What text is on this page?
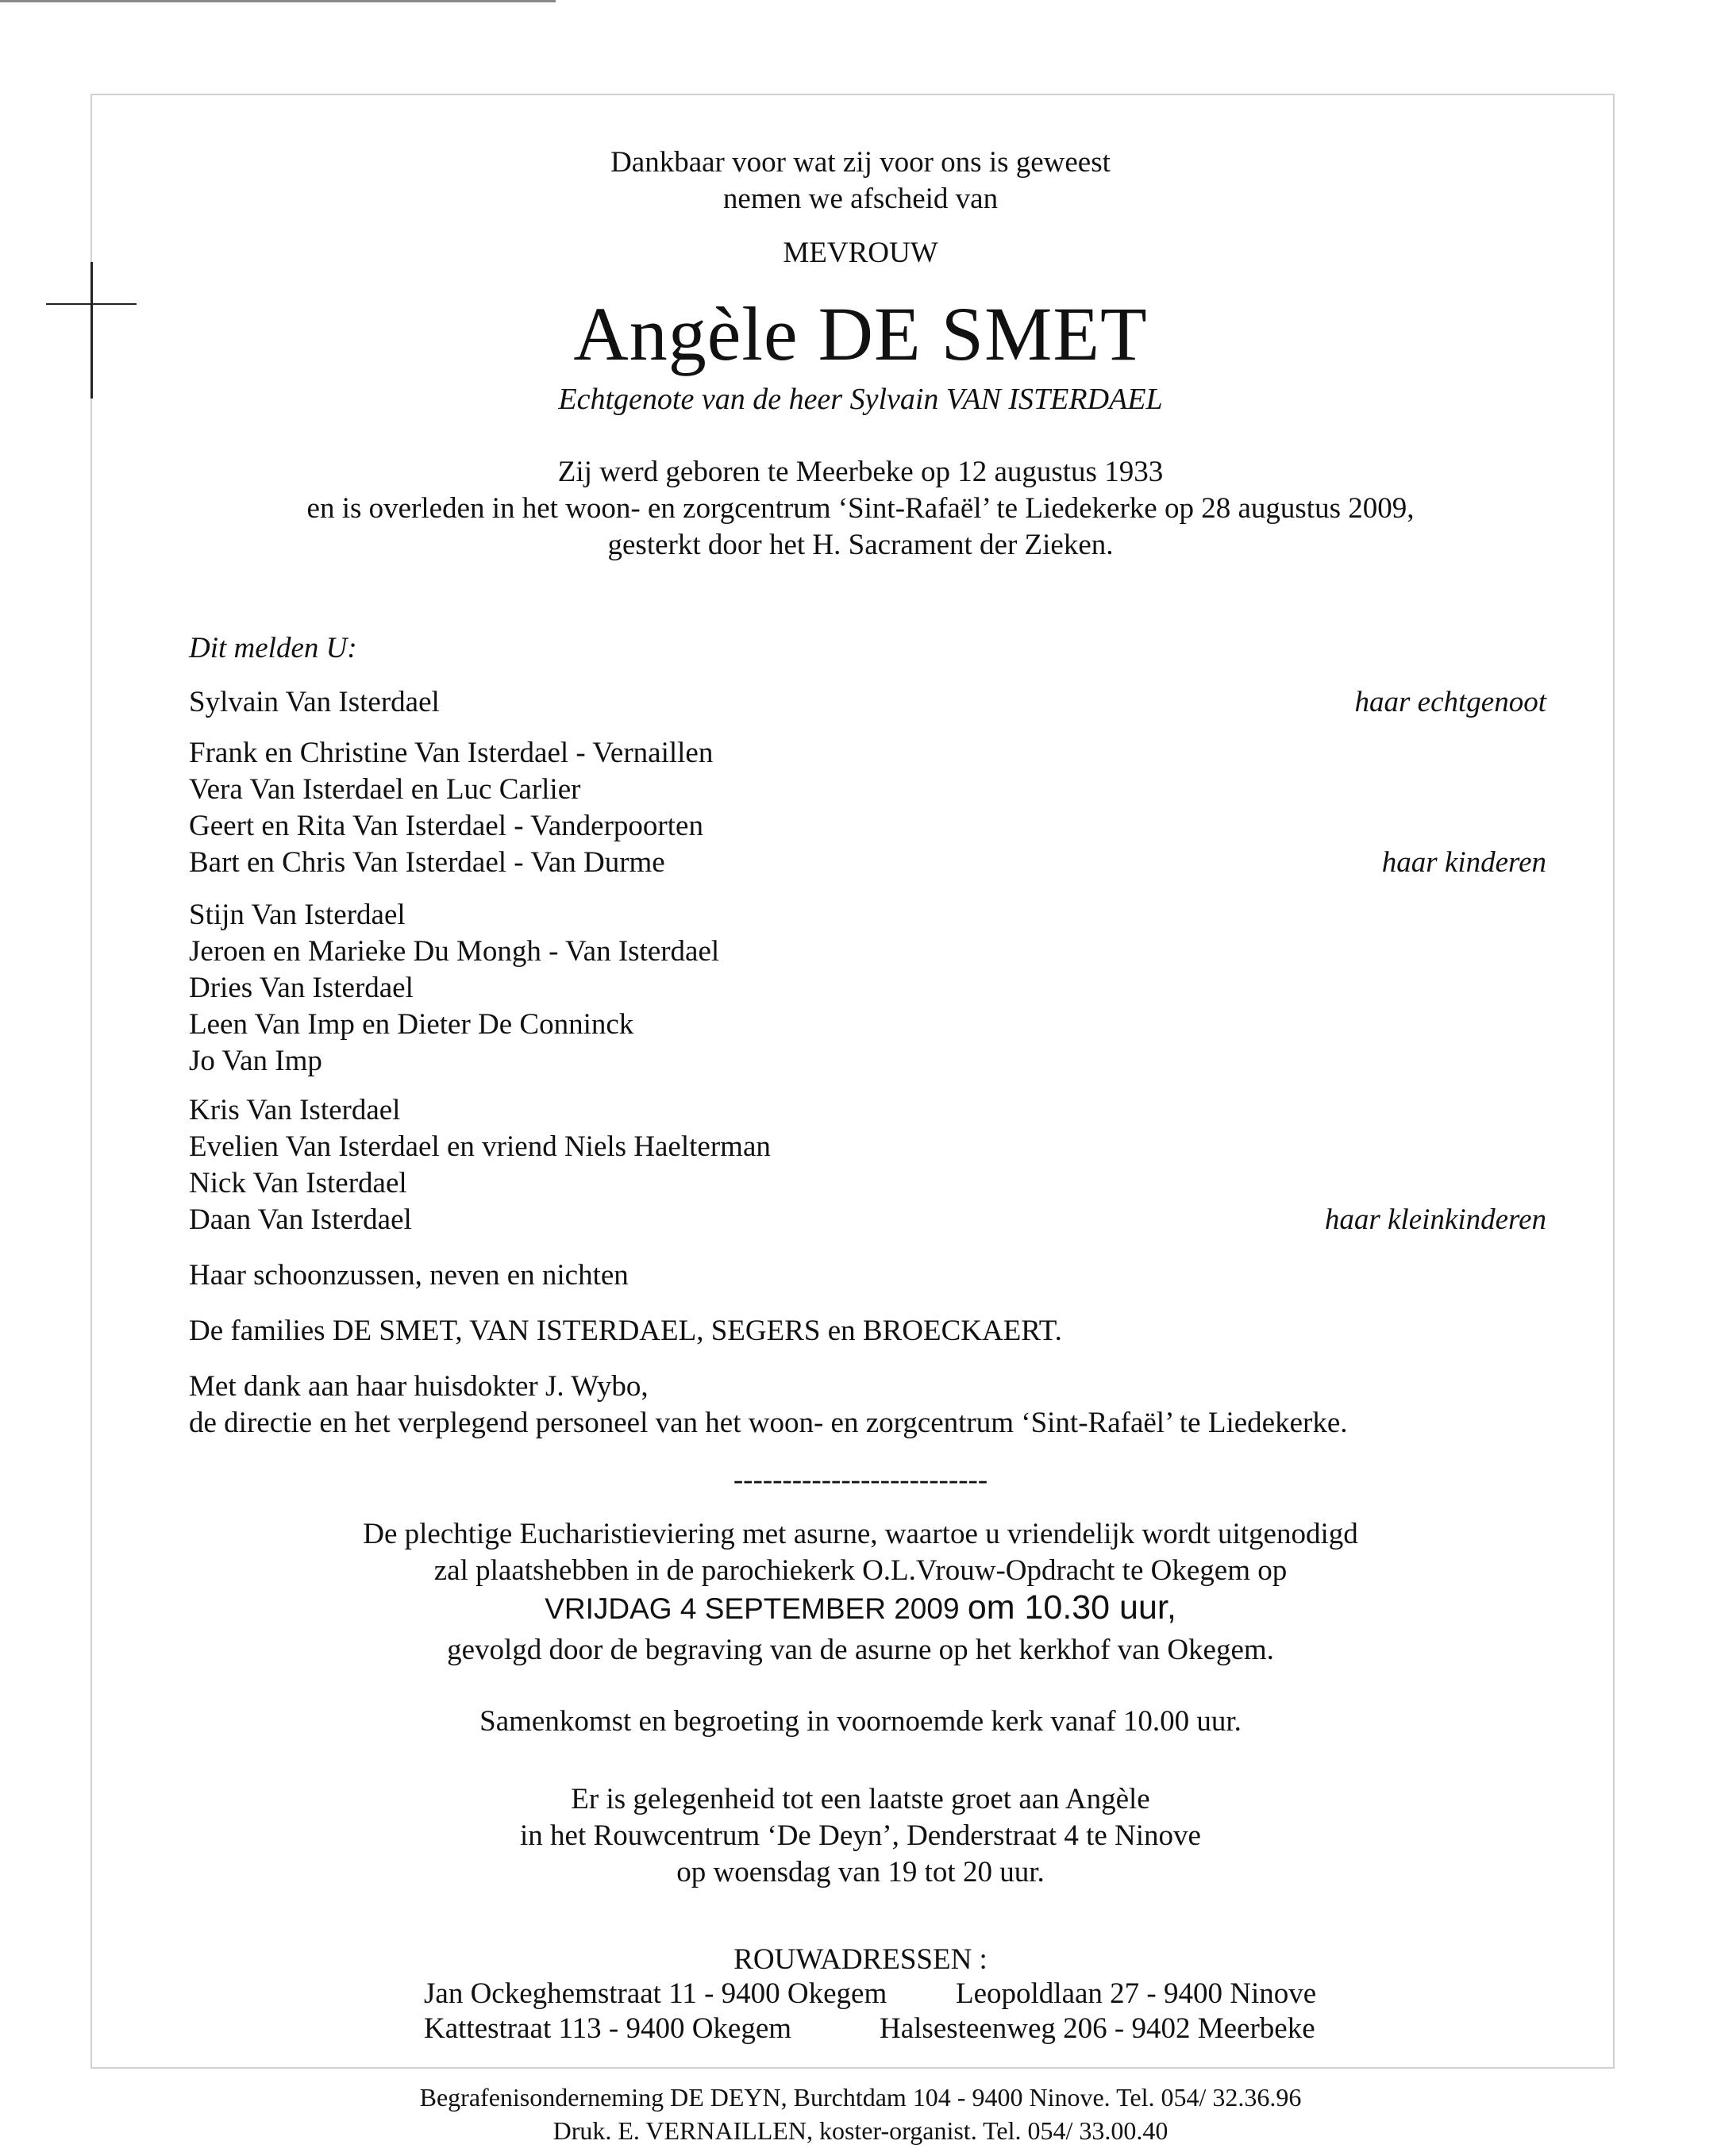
Dankbaar voor wat zij voor ons is geweest
nemen we afscheid van
MEVROUW
Angèle DE SMET
Echtgenote van de heer Sylvain VAN ISTERDAEL
Zij werd geboren te Meerbeke op 12 augustus 1933
en is overleden in het woon- en zorgcentrum ‘Sint-Rafaël’ te Liedekerke op 28 augustus 2009,
gesterkt door het H. Sacrament der Zieken.
Dit melden U:
Sylvain Van Isterdael	haar echtgenoot
Frank en Christine Van Isterdael - Vernaillen
Vera Van Isterdael en Luc Carlier
Geert en Rita Van Isterdael - Vanderpoorten
Bart en Chris Van Isterdael - Van Durme	haar kinderen
Stijn Van Isterdael
Jeroen en Marieke Du Mongh - Van Isterdael
Dries Van Isterdael
Leen Van Imp en Dieter De Conninck
Jo Van Imp
Kris Van Isterdael
Evelien Van Isterdael en vriend Niels Haelterman
Nick Van Isterdael
Daan Van Isterdael	haar kleinkinderen
Haar schoonzussen, neven en nichten
De families DE SMET, VAN ISTERDAEL, SEGERS en BROECKAERT.
Met dank aan haar huisdokter J. Wybo,
de directie en het verplegend personeel van het woon- en zorgcentrum ‘Sint-Rafaël’ te Liedekerke.
--------------------------
De plechtige Eucharistieviering met asurne, waartoe u vriendelijk wordt uitgenodigd
zal plaatshebben in de parochiekerk O.L.Vrouw-Opdracht te Okegem op
VRIJDAG 4 SEPTEMBER 2009 om 10.30 uur,
gevolgd door de begraving van de asurne op het kerkhof van Okegem.
Samenkomst en begroeting in voornoemde kerk vanaf 10.00 uur.
Er is gelegenheid tot een laatste groet aan Angèle
in het Rouwcentrum ‘De Deyn’, Denderstraat 4 te Ninove
op woensdag van 19 tot 20 uur.
ROUWADRESSEN :
Jan Ockeghemstraat 11 - 9400 Okegem Leopoldlaan 27 - 9400 Ninove
Kattestraat 113 - 9400 Okegem	Halsesteenweg 206 - 9402 Meerbeke
Begrafenisonderneming DE DEYN, Burchtdam 104 - 9400 Ninove. Tel. 054/ 32.36.96
Druk. E. VERNAILLEN, koster-organist. Tel. 054/ 33.00.40
